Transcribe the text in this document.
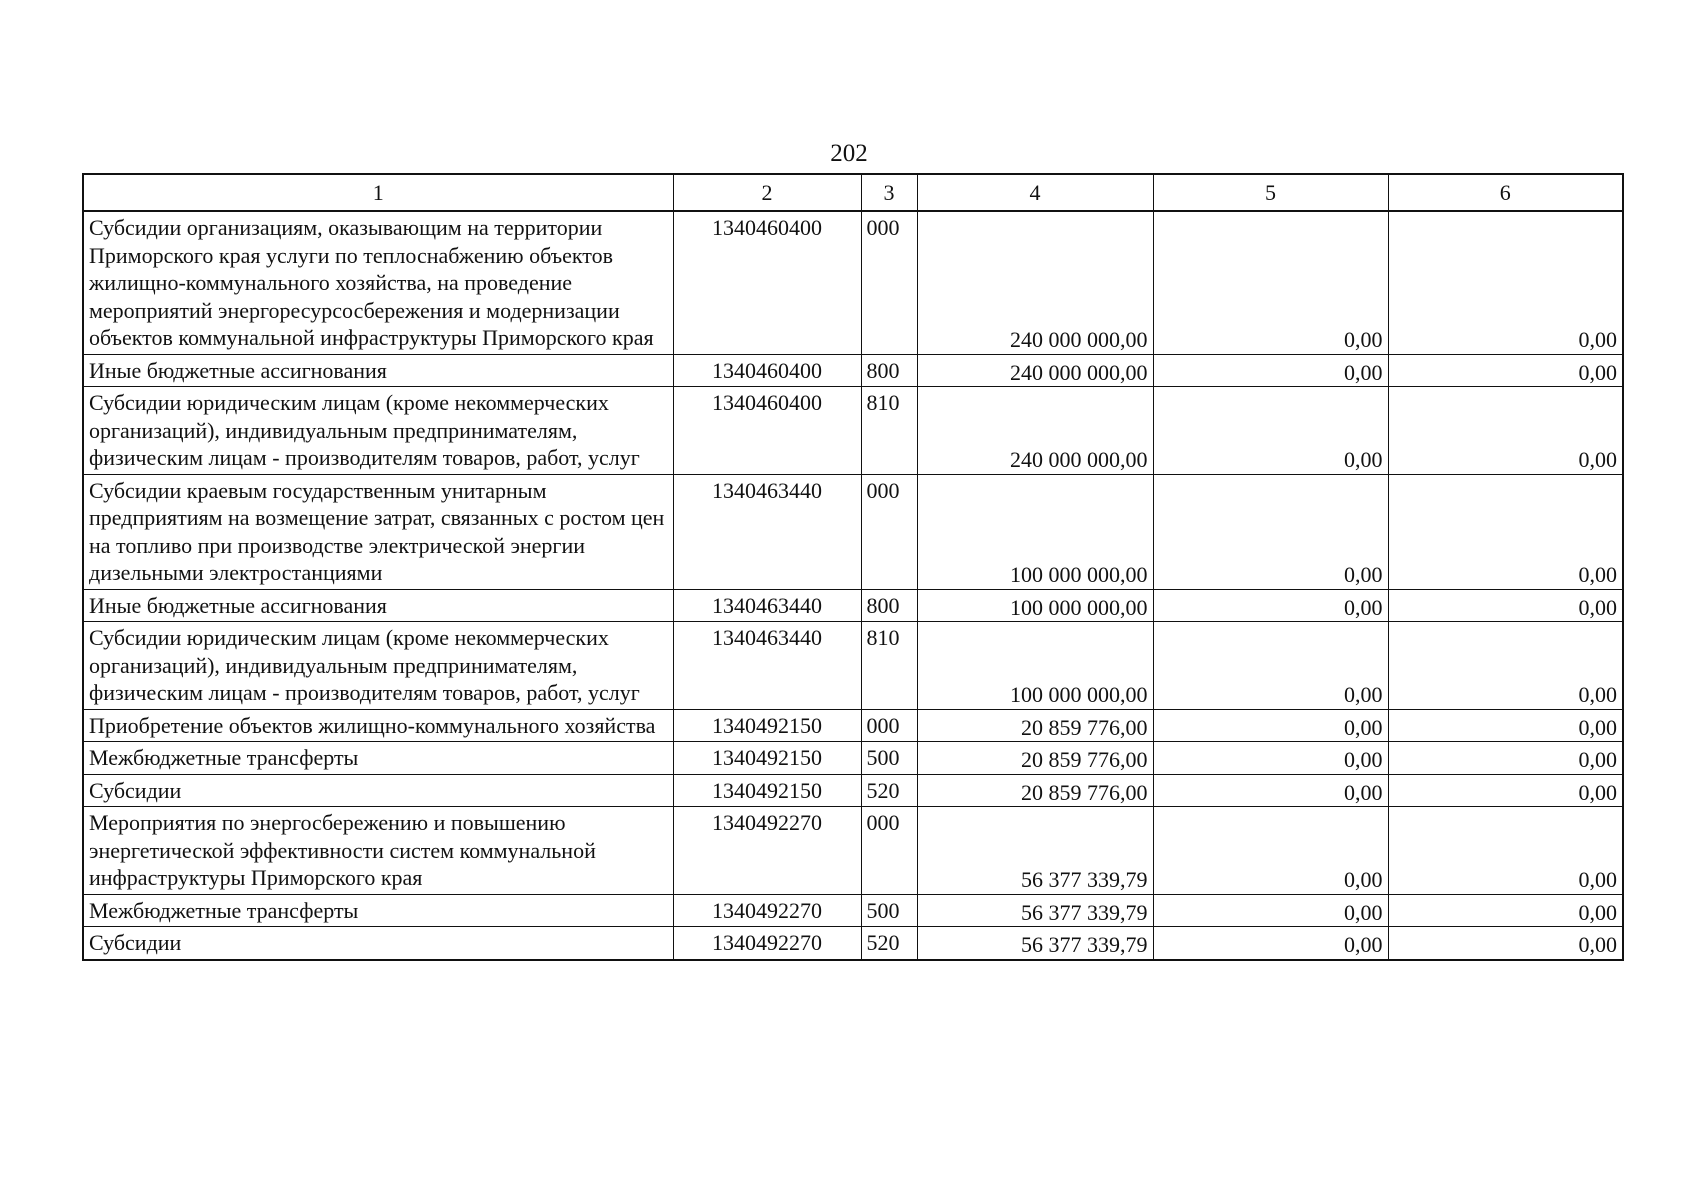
202
1	2	3	4	5	6
Субсидии организациям, оказывающим на территории Приморского края услуги по теплоснабжению объектов жилищно-коммунального хозяйства, на проведение мероприятий энергоресурсосбережения и модернизации объектов коммунальной инфраструктуры Приморского края	1340460400	000	240 000 000,00	0,00	0,00
Иные бюджетные ассигнования	1340460400	800	240 000 000,00	0,00	0,00
Субсидии юридическим лицам (кроме некоммерческих организаций), индивидуальным предпринимателям, физическим лицам - производителям товаров, работ, услуг	1340460400	810	240 000 000,00	0,00	0,00
Субсидии краевым государственным унитарным предприятиям на возмещение затрат, связанных с ростом цен на топливо при производстве электрической энергии дизельными электростанциями	1340463440	000	100 000 000,00	0,00	0,00
Иные бюджетные ассигнования	1340463440	800	100 000 000,00	0,00	0,00
Субсидии юридическим лицам (кроме некоммерческих организаций), индивидуальным предпринимателям, физическим лицам - производителям товаров, работ, услуг	1340463440	810	100 000 000,00	0,00	0,00
Приобретение объектов жилищно-коммунального хозяйства	1340492150	000	20 859 776,00	0,00	0,00
Межбюджетные трансферты	1340492150	500	20 859 776,00	0,00	0,00
Субсидии	1340492150	520	20 859 776,00	0,00	0,00
Мероприятия по энергосбережению и повышению энергетической эффективности систем коммунальной инфраструктуры Приморского края	1340492270	000	56 377 339,79	0,00	0,00
Межбюджетные трансферты	1340492270	500	56 377 339,79	0,00	0,00
Субсидии	1340492270	520	56 377 339,79	0,00	0,00
